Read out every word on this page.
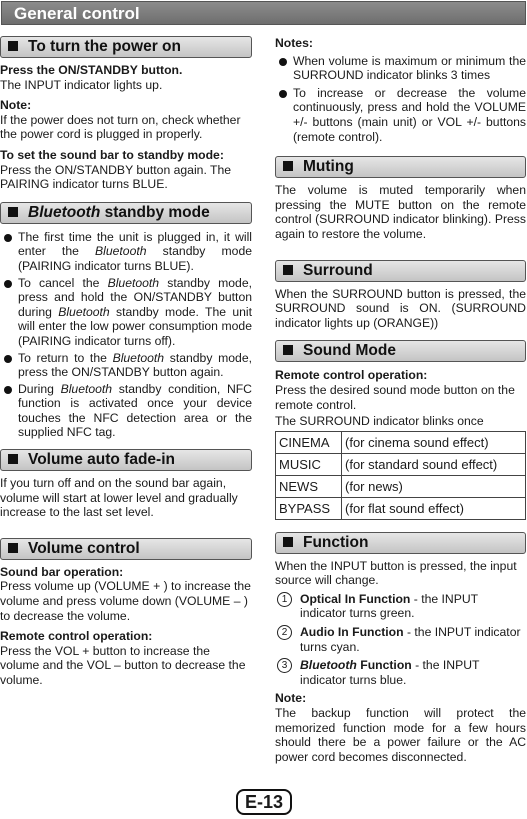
General control
To turn the power on

Press the ON/STANDBY button.

The INPUT indicator lights up.

Note:

If the power does not turn on, check whether the power cord is plugged in properly.

To set the sound bar to standby mode:

Press the ON/STANDBY button again. The PAIRING indicator turns BLUE.

Bluetooth standby mode
The first time the unit is plugged in, it will enter the Bluetooth standby mode (PAIRING indicator turns BLUE).
To cancel the Bluetooth standby mode, press and hold the ON/STANDBY button during Bluetooth standby mode. The unit will enter the low power consumption mode (PAIRING indicator turns off).
To return to the Bluetooth standby mode, press the ON/STANDBY button again.
During Bluetooth standby condition, NFC function is activated once your device touches the NFC detection area or the supplied NFC tag.
Volume auto fade-in

If you turn off and on the sound bar again, volume will start at lower level and gradually increase to the last set level.

Volume control

Sound bar operation:

Press volume up (VOLUME + ) to increase the volume and press volume down (VOLUME – ) to decrease the volume.

Remote control operation:

Press the VOL + button to increase the volume and the VOL – button to decrease the volume.

Notes:

When volume is maximum or minimum the SURROUND indicator blinks 3 times
To increase or decrease the volume continuously, press and hold the VOLUME +/- buttons (main unit) or VOL +/- buttons (remote control).
Muting

The volume is muted temporarily when pressing the MUTE button on the remote control (SURROUND indicator blinking). Press again to restore the volume.

Surround

When the SURROUND button is pressed, the SURROUND sound is ON. (SURROUND indicator lights up (ORANGE))

Sound Mode

Remote control operation:

Press the desired sound mode button on the remote control.

The SURROUND indicator blinks once

CINEMA	(for cinema sound effect)
MUSIC	(for standard sound effect)
NEWS	(for news)
BYPASS	(for flat sound effect)
Function

When the INPUT button is pressed, the input source will change.

1	Optical In Function - the INPUT indicator turns green.
2	Audio In Function - the INPUT indicator turns cyan.
3	Bluetooth Function - the INPUT indicator turns blue.

Note:

The backup function will protect the memorized function mode for a few hours should there be a power failure or the AC power cord becomes disconnected.

E-13
